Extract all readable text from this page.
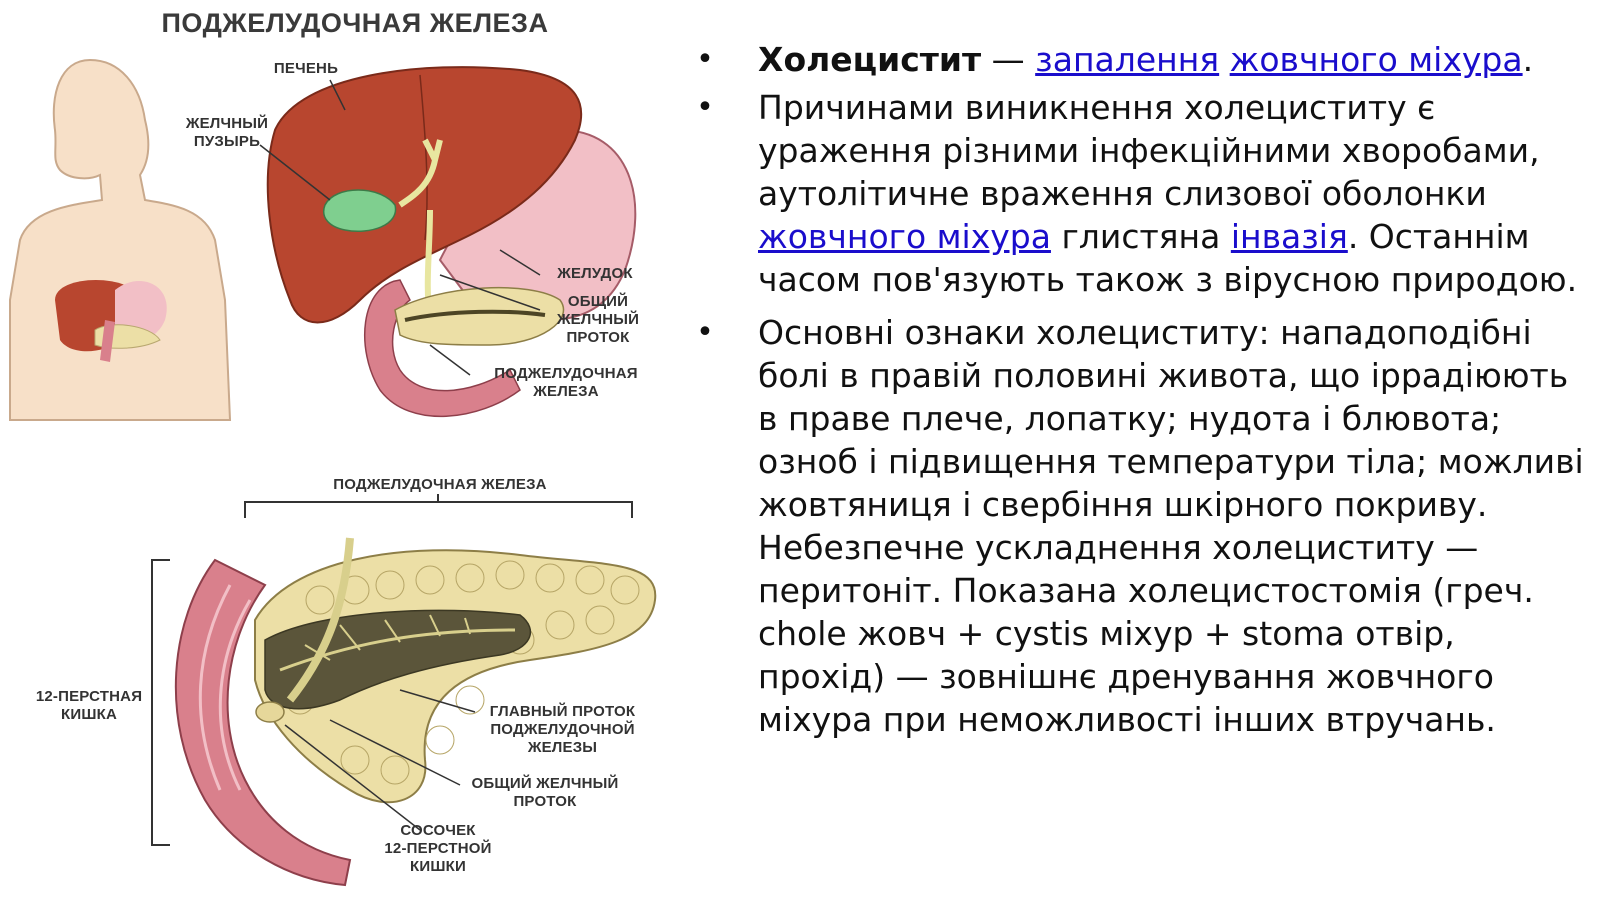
ПОДЖЕЛУДОЧНАЯ ЖЕЛЕЗА
ПЕЧЕНЬ
ЖЕЛЧНЫЙ
ПУЗЫРЬ
ЖЕЛУДОК
ОБЩИЙ
ЖЕЛЧНЫЙ
ПРОТОК
ПОДЖЕЛУДОЧНАЯ
ЖЕЛЕЗА
ПОДЖЕЛУДОЧНАЯ ЖЕЛЕЗА
12-ПЕРСТНАЯ
КИШКА	ГЛАВНЫЙ ПРОТОК
ПОДЖЕЛУДОЧНОЙ
ЖЕЛЕЗЫ
ОБЩИЙ ЖЕЛЧНЫЙ
ПРОТОК
СОСОЧЕК
12-ПЕРСТНОЙ
КИШКИ
• Холецистит — запалення жовчного міхура.
• Причинами виникнення холециститу є ураження різними інфекційними хворобами, аутолітичне враження слизової оболонки жовчного міхура глистяна інвазія. Останнім часом пов'язують також з вірусною природою.
• Основні ознаки холециститу: нападоподібні болі в правій половині живота, що іррадіюють в праве плече, лопатку; нудота і блювота; озноб і підвищення температури тіла; можливі жовтяниця і свербіння шкірного покриву. Небезпечне ускладнення холециститу — перитоніт. Показана холецистостомія (греч. chole жовч + cystis міхур + stoma отвір, прохід) — зовнішнє дренування жовчного міхура при неможливості інших втручань.
